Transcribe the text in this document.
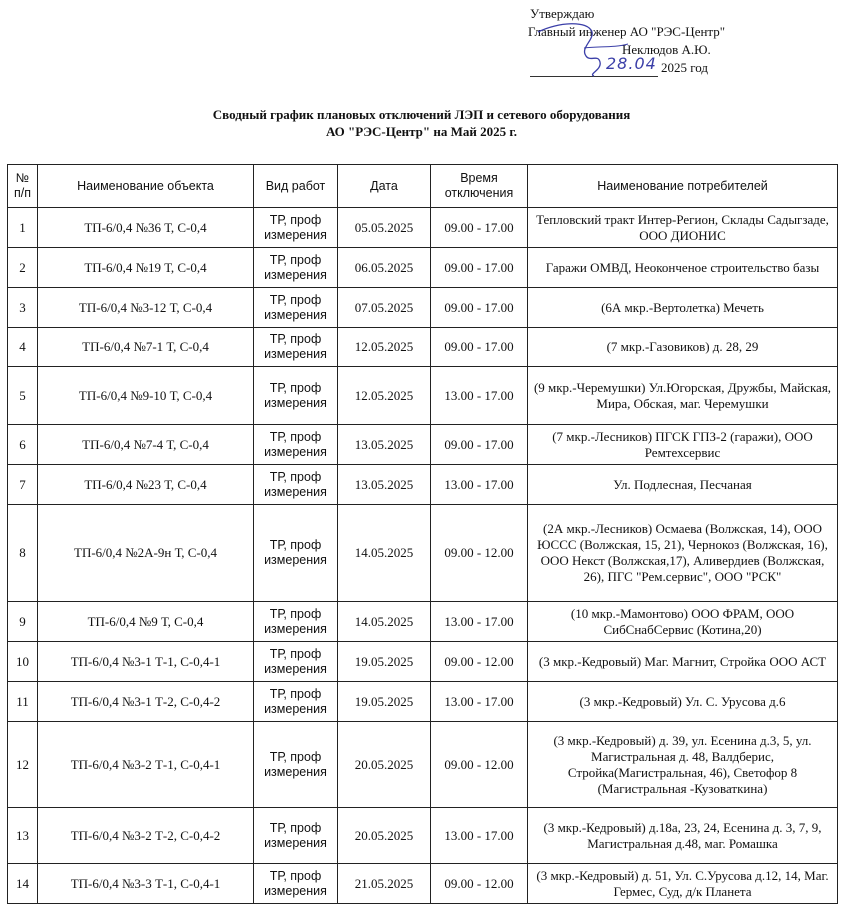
Утверждаю
Главный инженер АО "РЭС-Центр"
Неклюдов А.Ю.
28.04 2025 год
Сводный график плановых отключений ЛЭП и сетевого оборудования
АО "РЭС-Центр" на Май 2025 г.
№ п/п	Наименование объекта	Вид работ	Дата	Время отключения	Наименование потребителей
1	ТП-6/0,4 №36 Т, С-0,4	ТР, проф измерения	05.05.2025	09.00 - 17.00	Тепловский тракт Интер-Регион, Склады Садыгзаде, ООО ДИОНИС
2	ТП-6/0,4 №19 Т, С-0,4	ТР, проф измерения	06.05.2025	09.00 - 17.00	Гаражи ОМВД, Неоконченое строительство базы
3	ТП-6/0,4 №3-12 Т, С-0,4	ТР, проф измерения	07.05.2025	09.00 - 17.00	(6А мкр.-Вертолетка) Мечеть
4	ТП-6/0,4 №7-1 Т, С-0,4	ТР, проф измерения	12.05.2025	09.00 - 17.00	(7 мкр.-Газовиков) д. 28, 29
5	ТП-6/0,4 №9-10 Т, С-0,4	ТР, проф измерения	12.05.2025	13.00 - 17.00	(9 мкр.-Черемушки) Ул.Югорская, Дружбы, Майская, Мира, Обская, маг. Черемушки
6	ТП-6/0,4 №7-4 Т, С-0,4	ТР, проф измерения	13.05.2025	09.00 - 17.00	(7 мкр.-Лесников) ПГСК ГПЗ-2 (гаражи), ООО Ремтехсервис
7	ТП-6/0,4 №23 Т, С-0,4	ТР, проф измерения	13.05.2025	13.00 - 17.00	Ул. Подлесная, Песчаная
8	ТП-6/0,4 №2А-9н Т, С-0,4	ТР, проф измерения	14.05.2025	09.00 - 12.00	(2А мкр.-Лесников) Осмаева (Волжская, 14), ООО ЮССС (Волжская, 15, 21), Чернокоз (Волжская, 16), ООО Некст (Волжская,17), Аливердиев (Волжская, 26), ПГС "Рем.сервис", ООО "РСК"
9	ТП-6/0,4 №9 Т, С-0,4	ТР, проф измерения	14.05.2025	13.00 - 17.00	(10 мкр.-Мамонтово) ООО ФРАМ, ООО СибСнабСервис (Котина,20)
10	ТП-6/0,4 №3-1 Т-1, С-0,4-1	ТР, проф измерения	19.05.2025	09.00 - 12.00	(3 мкр.-Кедровый) Маг. Магнит, Стройка ООО АСТ
11	ТП-6/0,4 №3-1 Т-2, С-0,4-2	ТР, проф измерения	19.05.2025	13.00 - 17.00	(3 мкр.-Кедровый) Ул. С. Урусова д.6
12	ТП-6/0,4 №3-2 Т-1, С-0,4-1	ТР, проф измерения	20.05.2025	09.00 - 12.00	(3 мкр.-Кедровый) д. 39, ул. Есенина д.3, 5, ул. Магистральная д. 48, Валдберис, Стройка(Магистральная, 46), Светофор 8 (Магистральная -Кузоваткина)
13	ТП-6/0,4 №3-2 Т-2, С-0,4-2	ТР, проф измерения	20.05.2025	13.00 - 17.00	(3 мкр.-Кедровый) д.18а, 23, 24, Есенина д. 3, 7, 9, Магистральная д.48, маг. Ромашка
14	ТП-6/0,4 №3-3 Т-1, С-0,4-1	ТР, проф измерения	21.05.2025	09.00 - 12.00	(3 мкр.-Кедровый) д. 51, Ул. С.Урусова д.12, 14, Маг. Гермес, Суд, д/к Планета
